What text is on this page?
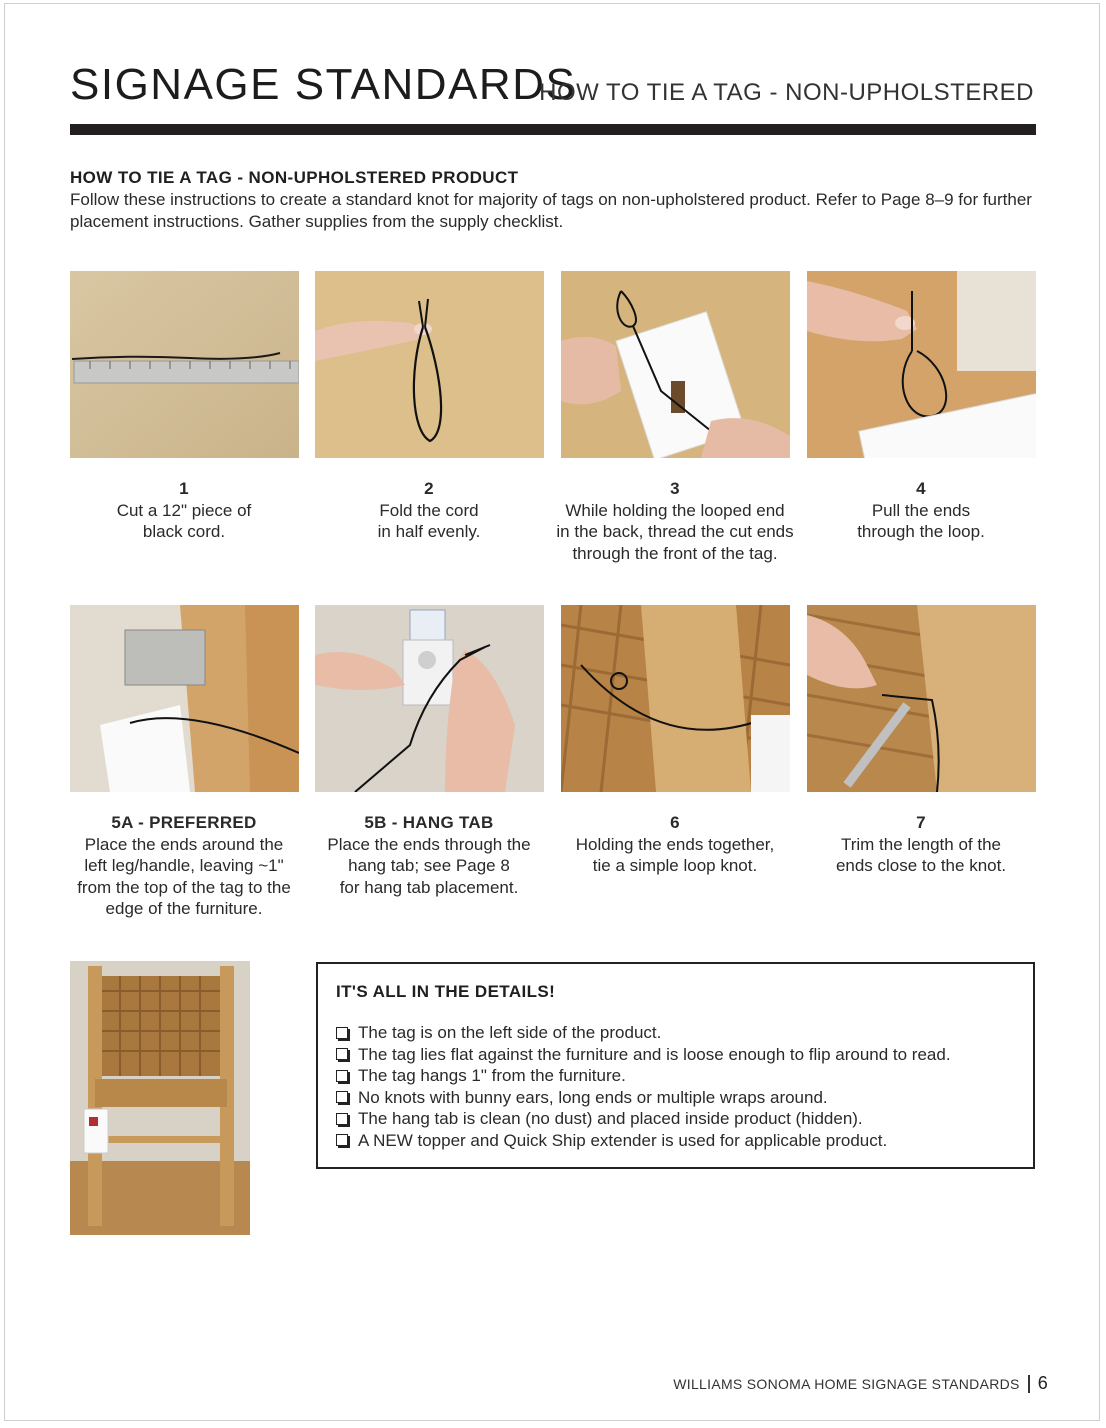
SIGNAGE STANDARDS
HOW TO TIE A TAG - NON-UPHOLSTERED
HOW TO TIE A TAG - NON-UPHOLSTERED PRODUCT
Follow these instructions to create a standard knot for majority of tags on non-upholstered product. Refer to Page 8–9 for further placement instructions. Gather supplies from the supply checklist.
1
Cut a 12" piece of
black cord.
2
Fold the cord
in half evenly.
3
While holding the looped end
in the back, thread the cut ends
through the front of the tag.
4
Pull the ends
through the loop.
5A - PREFERRED
Place the ends around the
left leg/handle, leaving ~1"
from the top of the tag to the
edge of the furniture.
5B - HANG TAB
Place the ends through the
hang tab; see Page 8
for hang tab placement.
6
Holding the ends together,
tie a simple loop knot.
7
Trim the length of the
ends close to the knot.
IT'S ALL IN THE DETAILS!
The tag is on the left side of the product.
The tag lies flat against the furniture and is loose enough to flip around to read.
The tag hangs 1" from the furniture.
No knots with bunny ears, long ends or multiple wraps around.
The hang tab is clean (no dust) and placed inside product (hidden).
A NEW topper and Quick Ship extender is used for applicable product.
WILLIAMS SONOMA HOME SIGNAGE STANDARDS 6
